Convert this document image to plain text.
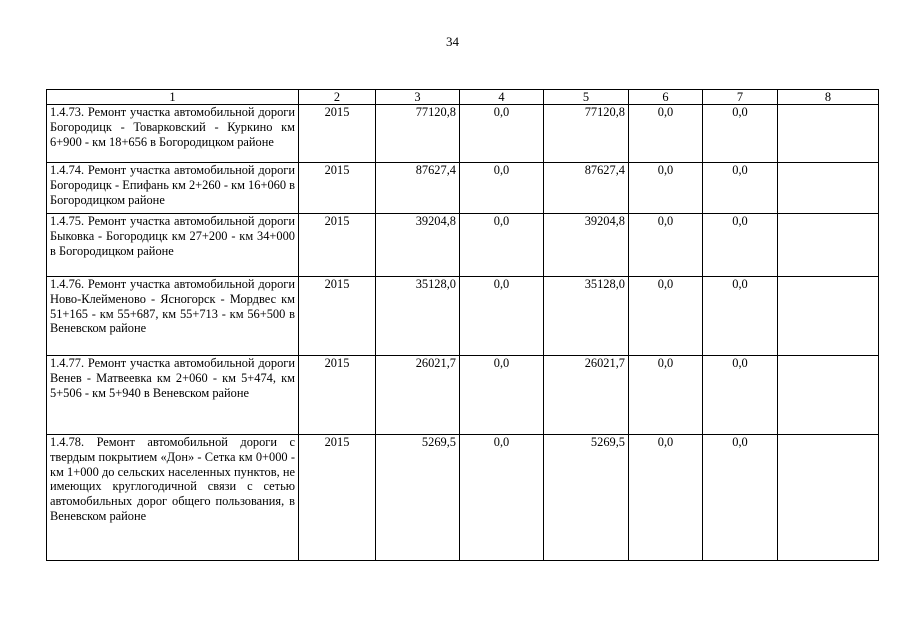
34
1	2	3	4	5	6	7	8
1.4.73. Ремонт участка автомобильной дороги Богородицк - Товарковский - Куркино км 6+900 - км 18+656 в Богородицком районе	2015	77120,8	0,0	77120,8	0,0	0,0	
1.4.74. Ремонт участка автомобильной дороги Богородицк - Епифань км 2+260 - км 16+060 в Богородицком районе	2015	87627,4	0,0	87627,4	0,0	0,0	
1.4.75. Ремонт участка автомобильной дороги Быковка - Богородицк км 27+200 - км 34+000 в Богородицком районе	2015	39204,8	0,0	39204,8	0,0	0,0	
1.4.76. Ремонт участка автомобильной дороги Ново-Клейменово - Ясногорск - Мордвес км 51+165 - км 55+687, км 55+713 - км 56+500 в Веневском районе	2015	35128,0	0,0	35128,0	0,0	0,0	
1.4.77. Ремонт участка автомобильной дороги Венев - Матвеевка км 2+060 - км 5+474, км 5+506 - км 5+940 в Веневском районе	2015	26021,7	0,0	26021,7	0,0	0,0	
1.4.78. Ремонт автомобильной дороги с твердым покрытием «Дон» - Сетка км 0+000 - км 1+000 до сельских населенных пунктов, не имеющих круглогодичной связи с сетью автомобильных дорог общего пользования, в Веневском районе	2015	5269,5	0,0	5269,5	0,0	0,0	
